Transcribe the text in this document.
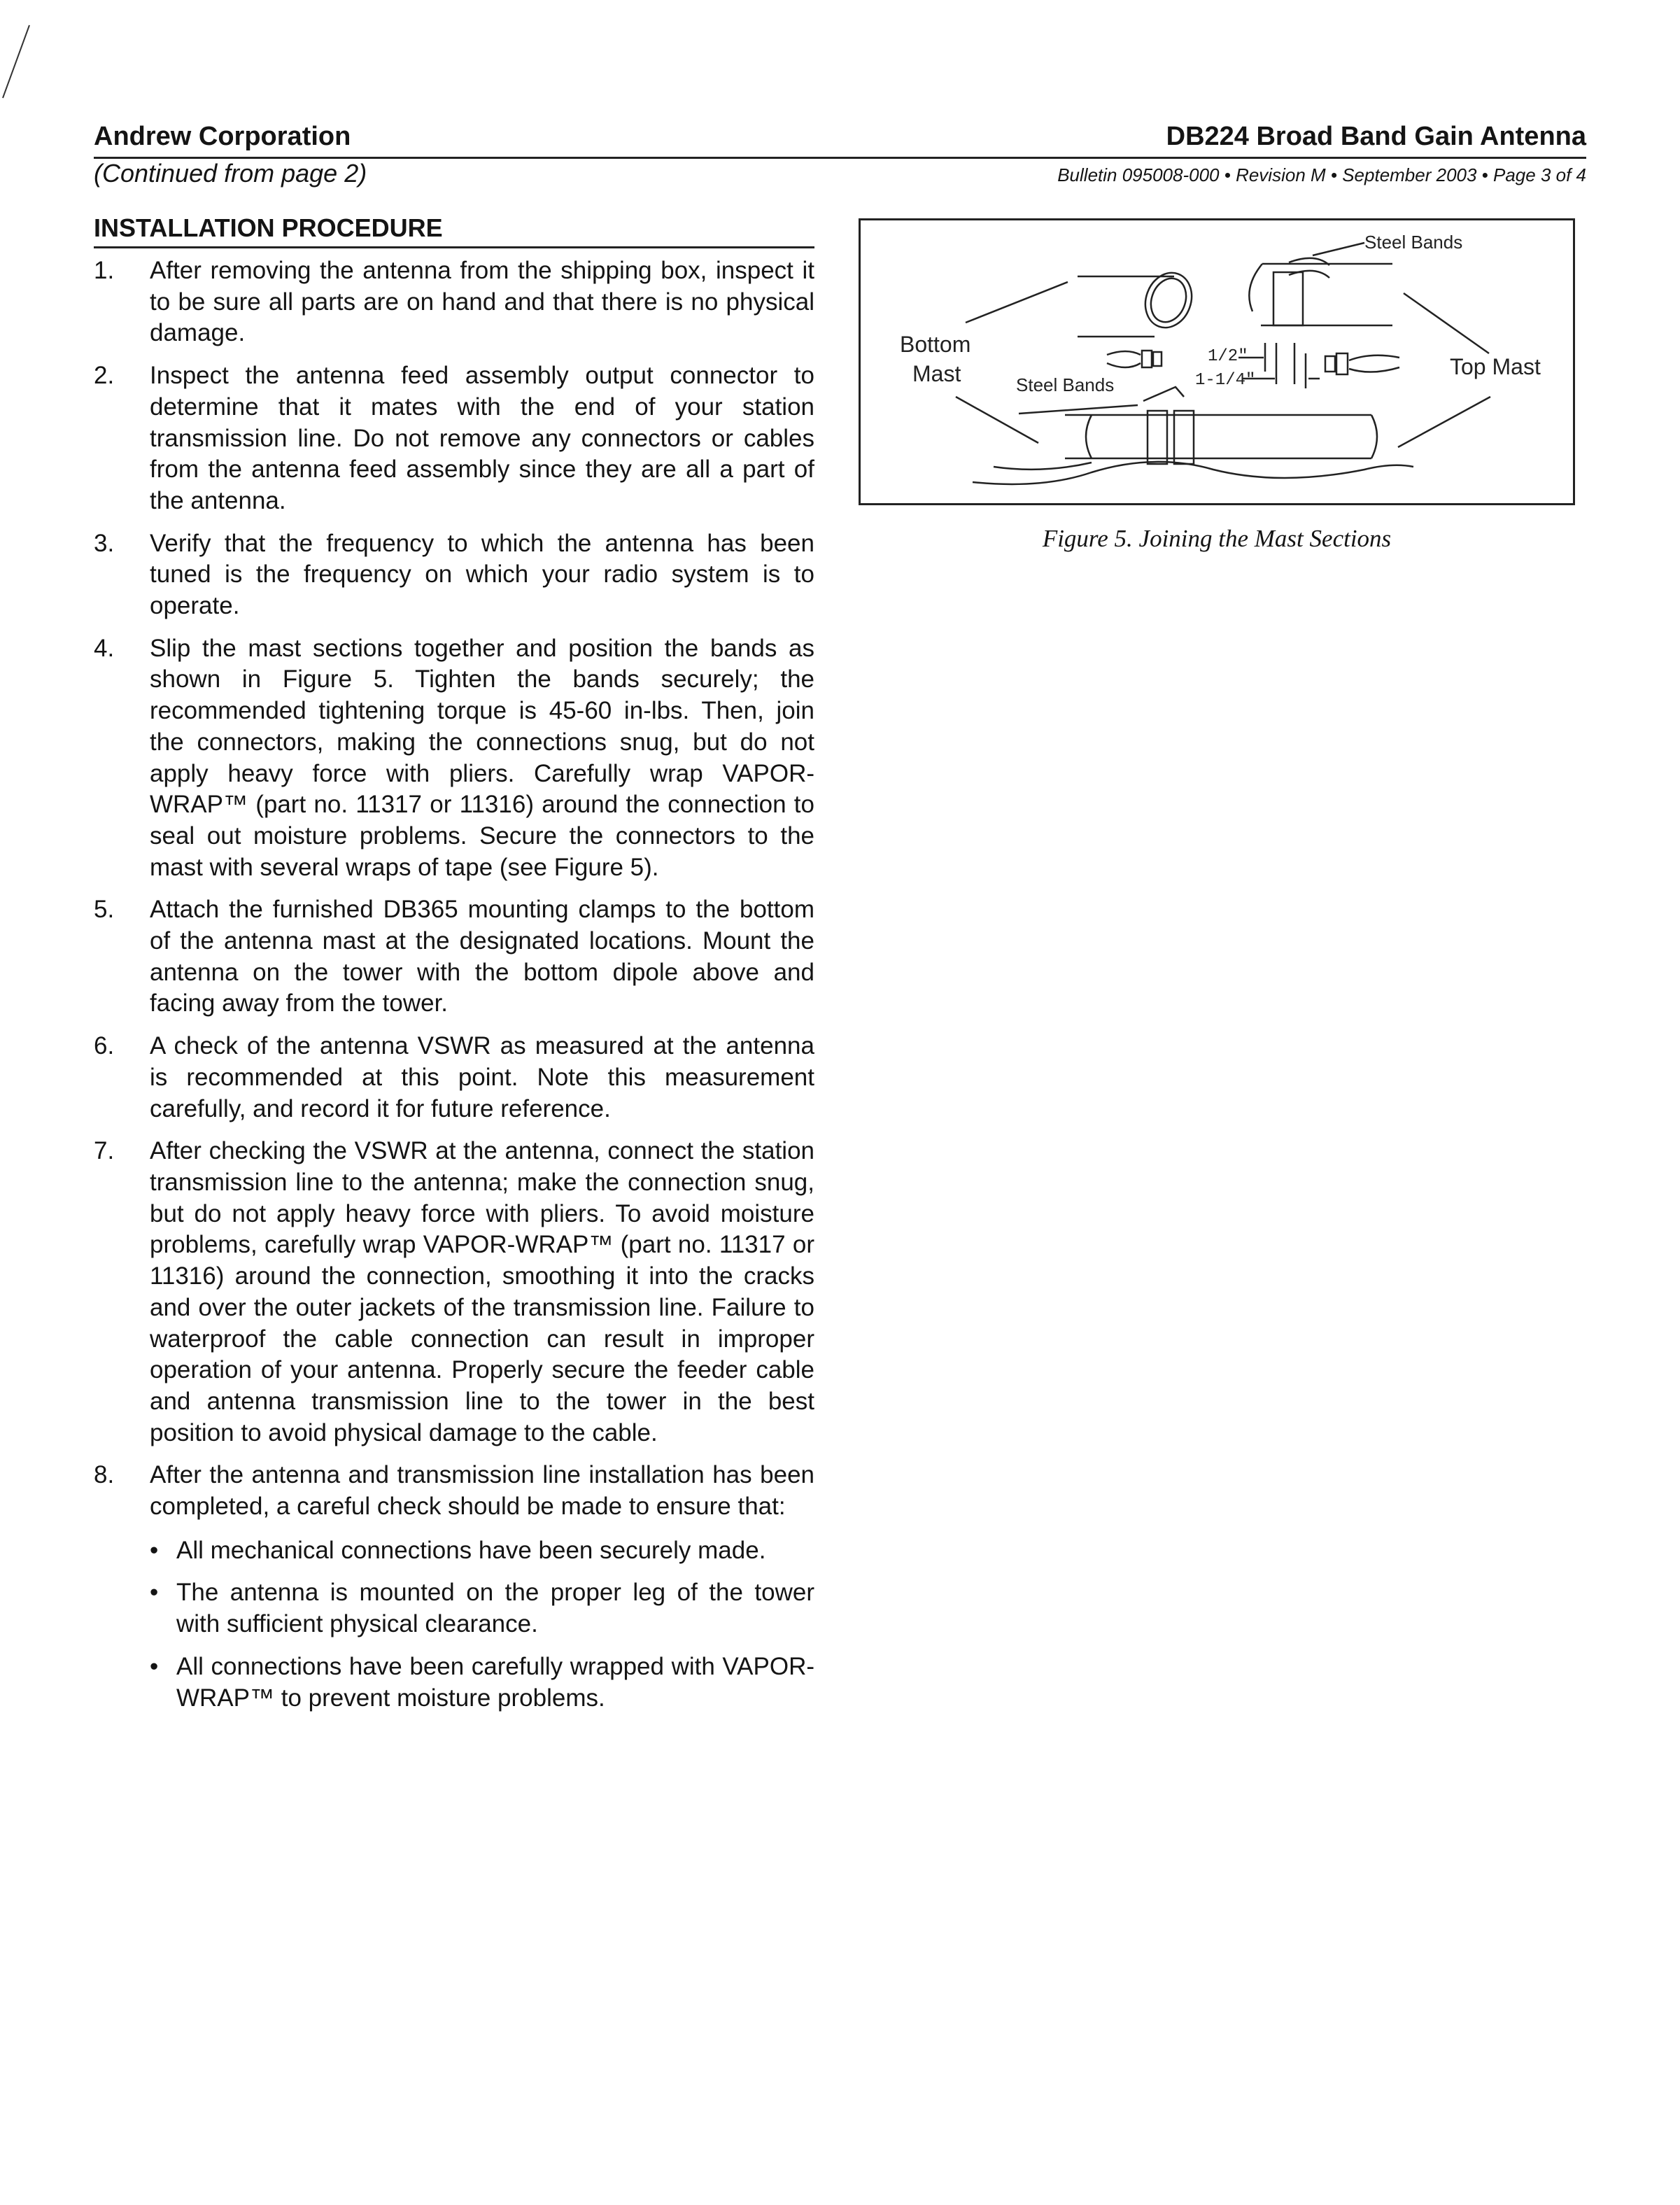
Andrew Corporation
(Continued from page 2)
DB224 Broad Band Gain Antenna
Bulletin 095008-000 • Revision M • September 2003 • Page 3 of 4
INSTALLATION PROCEDURE
1. After removing the antenna from the shipping box, inspect it to be sure all parts are on hand and that there is no physical damage.
2. Inspect the antenna feed assembly output connector to determine that it mates with the end of your station transmission line. Do not remove any connectors or cables from the antenna feed assembly since they are all a part of the antenna.
3. Verify that the frequency to which the antenna has been tuned is the frequency on which your radio system is to operate.
4. Slip the mast sections together and position the bands as shown in Figure 5. Tighten the bands securely; the recommended tightening torque is 45-60 in-lbs. Then, join the connectors, making the connections snug, but do not apply heavy force with pliers. Carefully wrap VAPOR-WRAP™ (part no. 11317 or 11316) around the connection to seal out moisture problems. Secure the connectors to the mast with several wraps of tape (see Figure 5).
5. Attach the furnished DB365 mounting clamps to the bottom of the antenna mast at the designated locations. Mount the antenna on the tower with the bottom dipole above and facing away from the tower.
6. A check of the antenna VSWR as measured at the antenna is recommended at this point. Note this measurement carefully, and record it for future reference.
7. After checking the VSWR at the antenna, connect the station transmission line to the antenna; make the connection snug, but do not apply heavy force with pliers. To avoid moisture problems, carefully wrap VAPOR-WRAP™ (part no. 11317 or 11316) around the connection, smoothing it into the cracks and over the outer jackets of the transmission line. Failure to waterproof the cable connection can result in improper operation of your antenna. Properly secure the feeder cable and antenna transmission line to the tower in the best position to avoid physical damage to the cable.
8. After the antenna and transmission line installation has been completed, a careful check should be made to ensure that:
• All mechanical connections have been securely made.
• The antenna is mounted on the proper leg of the tower with sufficient physical clearance.
• All connections have been carefully wrapped with VAPOR-WRAP™ to prevent moisture problems.
Steel Bands
Bottom
Mast	Steel Bands
1/2"
1-1/4"
Top Mast
Figure 5. Joining the Mast Sections
